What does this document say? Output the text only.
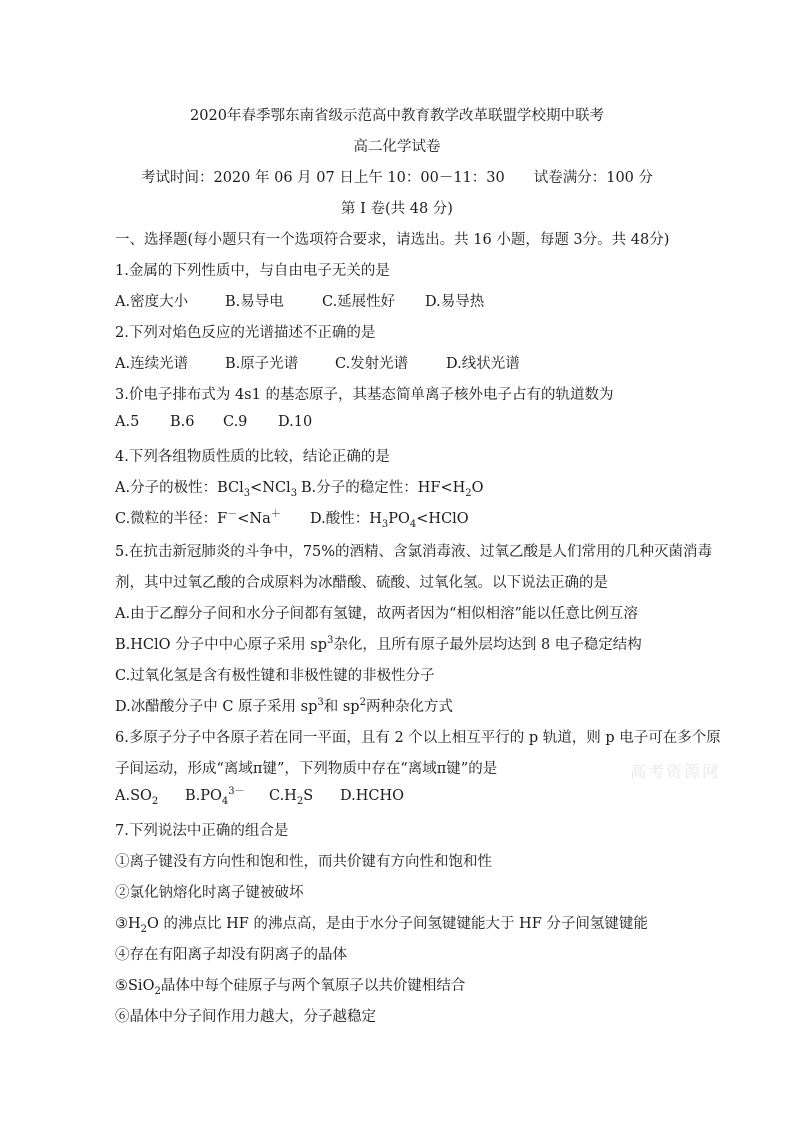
2020年春季鄂东南省级示范高中教育教学改革联盟学校期中联考
高二化学试卷
考试时间：2020 年 06 月 07 日上午 10：00－11：30　　试卷满分：100 分
第 I 卷(共 48 分)
一、选择题(每小题只有一个选项符合要求，请选出。共 16 小题，每题 3分。共 48分)
1.金属的下列性质中，与自由电子无关的是
A.密度大小	B.易导电	C.延展性好 D.易导热
2.下列对焰色反应的光谱描述不正确的是
A.连续光谱	B.原子光谱	C.发射光谱	D.线状光谱
3.价电子排布式为 4s1 的基态原子，其基态简单离子核外电子占有的轨道数为
A.5 B.6 C.9 D.10
4.下列各组物质性质的比较，结论正确的是
A.分子的极性：BCl$_3$<NCl$_3$ B.分子的稳定性：$HF<H_2O$
C.微粒的半径：F－<Na＋ D.酸性：$H_3PO_4<HClO$
5.在抗击新冠肺炎的斗争中，75%的酒精、含氯消毒液、过氧乙酸是人们常用的几种灭菌消毒
剂，其中过氧乙酸的合成原料为冰醋酸、硫酸、过氧化氢。以下说法正确的是
A.由于乙醇分子间和水分子间都有氢键，故两者因为“相似相溶”能以任意比例互溶
B.HClO 分子中中心原子采用 $sp^3$杂化，且所有原子最外层均达到 8 电子稳定结构
C.过氧化氢是含有极性键和非极性键的非极性分子
D.冰醋酸分子中 C 原子采用 $sp^3$和 $sp^2$两种杂化方式
6.多原子分子中各原子若在同一平面，且有 2 个以上相互平行的 p 轨道，则 p 电子可在多个原
子间运动，形成“离域π键”，下列物质中存在“离域π键”的是
$A.SO_2$ $B.PO_4^{3-}$ $C.H_2S$ D.HCHO
7.下列说法中正确的组合是
①离子键没有方向性和饱和性，而共价键有方向性和饱和性
②氯化钠熔化时离子键被破坏
$③H_2O$ 的沸点比 HF 的沸点高，是由于水分子间氢键键能大于 HF 分子间氢键键能
④存在有阳离子却没有阴离子的晶体
⑤SiO$_2$晶体中每个硅原子与两个氧原子以共价键相结合
⑥晶体中分子间作用力越大，分子越稳定
高考资源网
